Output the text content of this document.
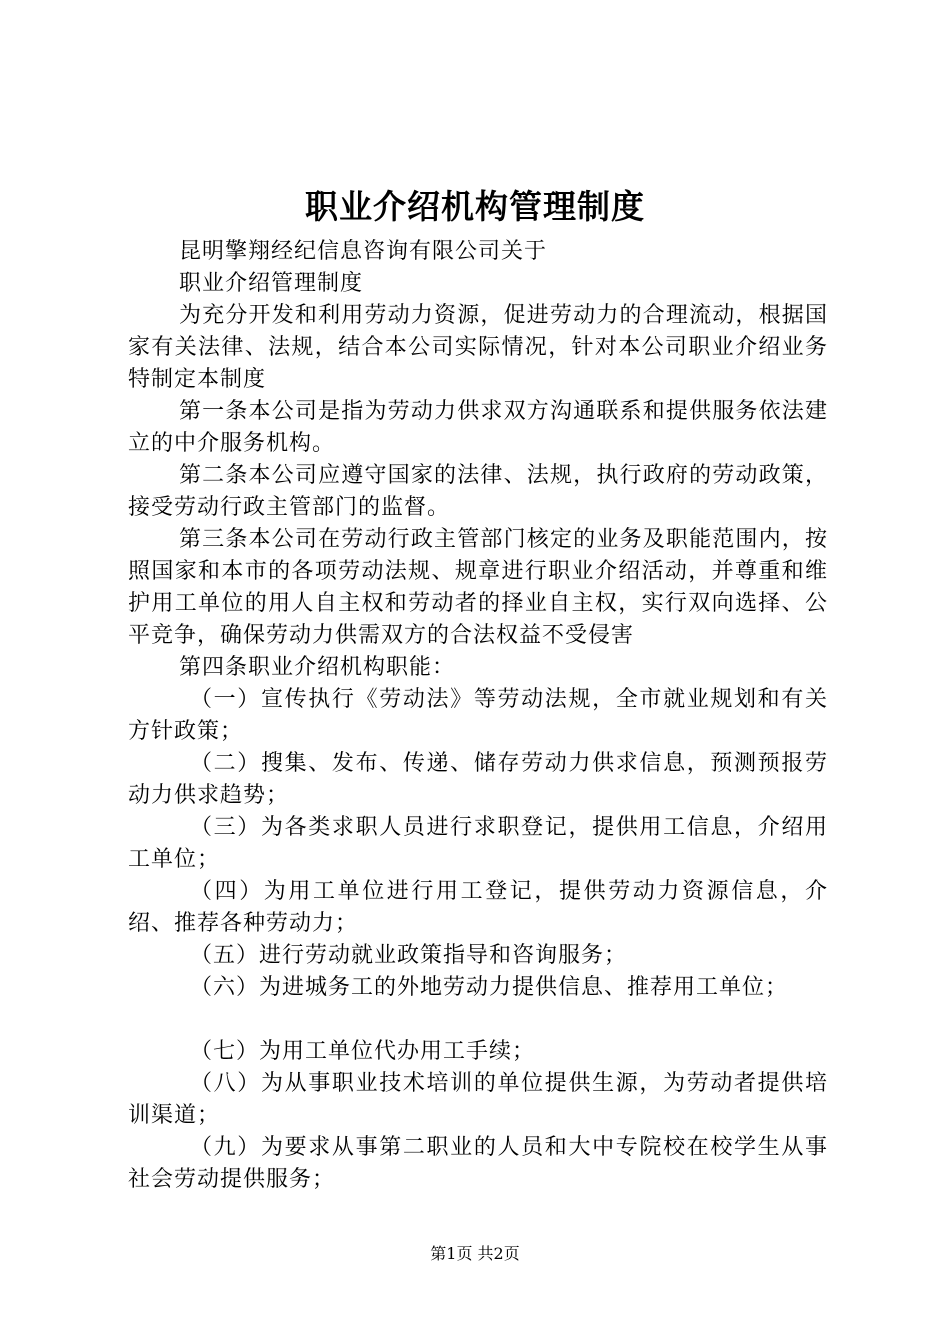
职业介绍机构管理制度

昆明擎翔经纪信息咨询有限公司关于

职业介绍管理制度

为充分开发和利用劳动力资源，促进劳动力的合理流动，根据国家有关法律、法规，结合本公司实际情况，针对本公司职业介绍业务特制定本制度

第一条本公司是指为劳动力供求双方沟通联系和提供服务依法建立的中介服务机构。

第二条本公司应遵守国家的法律、法规，执行政府的劳动政策，接受劳动行政主管部门的监督。

第三条本公司在劳动行政主管部门核定的业务及职能范围内，按照国家和本市的各项劳动法规、规章进行职业介绍活动，并尊重和维护用工单位的用人自主权和劳动者的择业自主权，实行双向选择、公平竞争，确保劳动力供需双方的合法权益不受侵害

第四条职业介绍机构职能：

（一）宣传执行《劳动法》等劳动法规，全市就业规划和有关方针政策；

（二）搜集、发布、传递、储存劳动力供求信息，预测预报劳动力供求趋势；

（三）为各类求职人员进行求职登记，提供用工信息，介绍用工单位；

（四）为用工单位进行用工登记，提供劳动力资源信息，介绍、推荐各种劳动力；

（五）进行劳动就业政策指导和咨询服务；

（六）为进城务工的外地劳动力提供信息、推荐用工单位；

（七）为用工单位代办用工手续；

（八）为从事职业技术培训的单位提供生源，为劳动者提供培训渠道；

（九）为要求从事第二职业的人员和大中专院校在校学生从事社会劳动提供服务；

第1页 共2页
